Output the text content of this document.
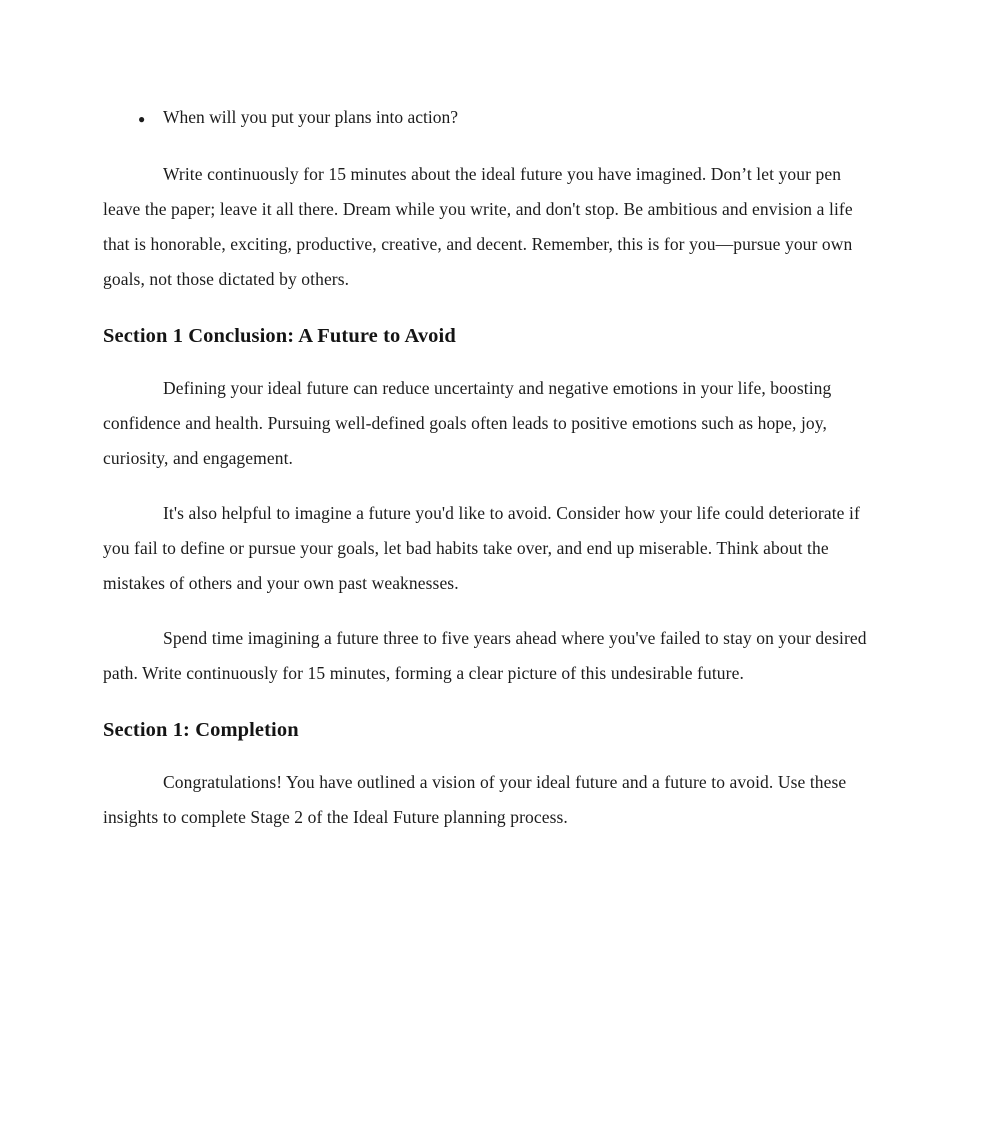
●	When will you put your plans into action?

Write continuously for 15 minutes about the ideal future you have imagined. Don’t let your pen leave the paper; leave it all there. Dream while you write, and don't stop. Be ambitious and envision a life that is honorable, exciting, productive, creative, and decent. Remember, this is for you—pursue your own goals, not those dictated by others.

Section 1 Conclusion: A Future to Avoid

Defining your ideal future can reduce uncertainty and negative emotions in your life, boosting confidence and health. Pursuing well-defined goals often leads to positive emotions such as hope, joy, curiosity, and engagement.

It's also helpful to imagine a future you'd like to avoid. Consider how your life could deteriorate if you fail to define or pursue your goals, let bad habits take over, and end up miserable. Think about the mistakes of others and your own past weaknesses.

Spend time imagining a future three to five years ahead where you've failed to stay on your desired path. Write continuously for 15 minutes, forming a clear picture of this undesirable future.

Section 1: Completion

Congratulations! You have outlined a vision of your ideal future and a future to avoid. Use these insights to complete Stage 2 of the Ideal Future planning process.
